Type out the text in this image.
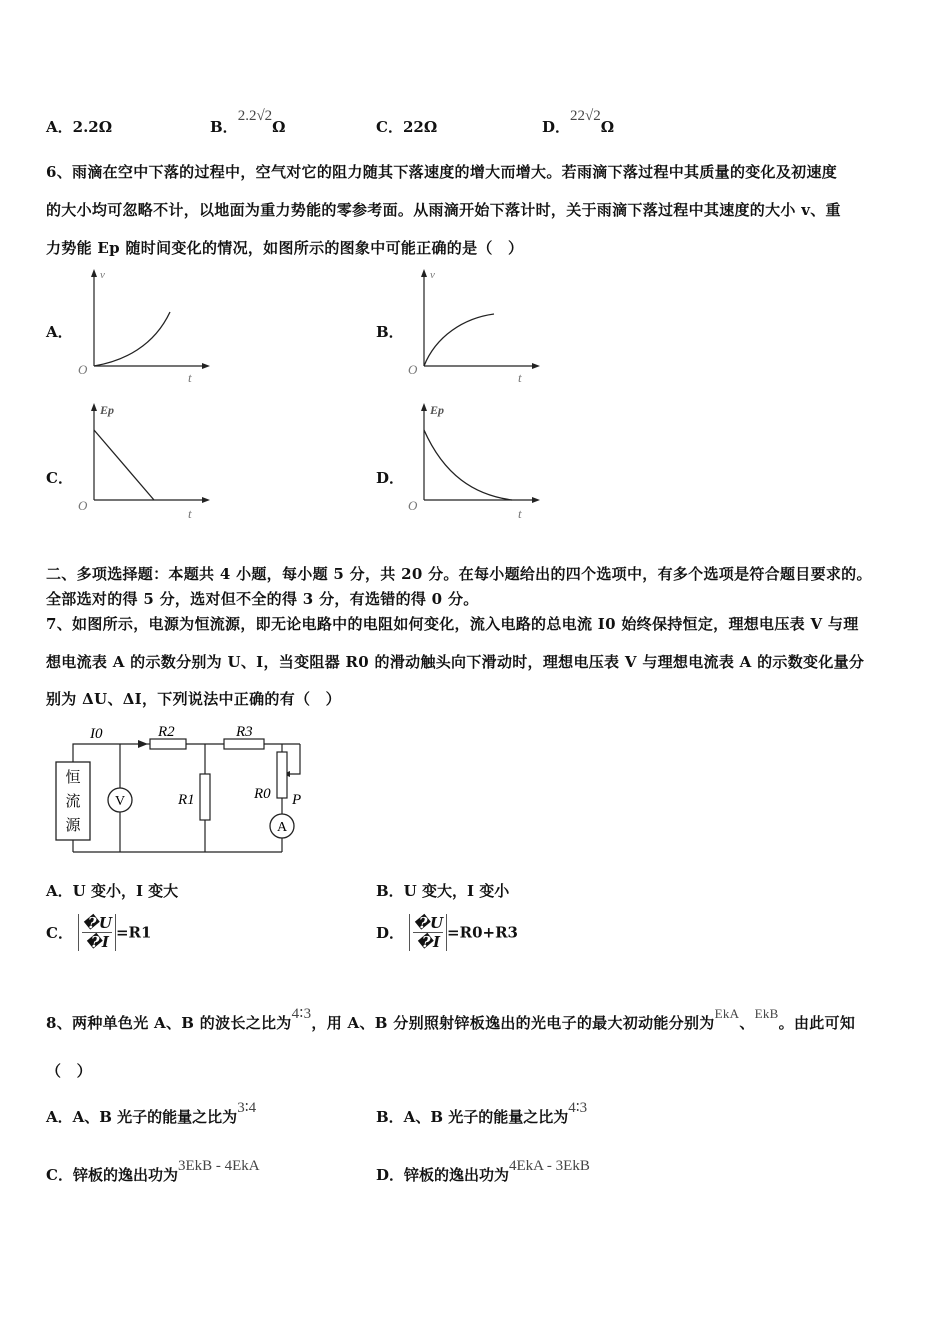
A．2.2Ω	B．2.2√2Ω	C．22Ω	D．22√2Ω
6、雨滴在空中下落的过程中，空气对它的阻力随其下落速度的增大而增大。若雨滴下落过程中其质量的变化及初速度
的大小均可忽略不计，以地面为重力势能的零参考面。从雨滴开始下落计时，关于雨滴下落过程中其速度的大小 v、重
力势能 Ep 随时间变化的情况，如图所示的图象中可能正确的是（　）
A．	B．
C．	D．
v
O
t
v
O
t
Ep
O
t
Ep
O
t
二、多项选择题：本题共 4 小题，每小题 5 分，共 20 分。在每小题给出的四个选项中，有多个选项是符合题目要求的。
全部选对的得 5 分，选对但不全的得 3 分，有选错的得 0 分。
7、如图所示，电源为恒流源，即无论电路中的电阻如何变化，流入电路的总电流 I0 始终保持恒定，理想电压表 V 与理
想电流表 A 的示数分别为 U、I，当变阻器 R0 的滑动触头向下滑动时，理想电压表 V 与理想电流表 A 的示数变化量分
别为 ΔU、ΔI，下列说法中正确的有（　）
恒
流
源
V
A
I0	R2	R3
R1	R0 P
A．U 变小，I 变大	B．U 变大，I 变小
C． $\frac{�U}{�I} =R1$	D． $\frac{�U}{�I} =R0+R3$
8、两种单色光 A、B 的波长之比为4∶3，用 A、B 分别照射锌板逸出的光电子的最大初动能分别为EkA、EkB。由此可知
（　）
A．A、B 光子的能量之比为3∶4	B．A、B 光子的能量之比为4∶3
C．锌板的逸出功为3EkB - 4EkA	D．锌板的逸出功为4EkA - 3EkB
